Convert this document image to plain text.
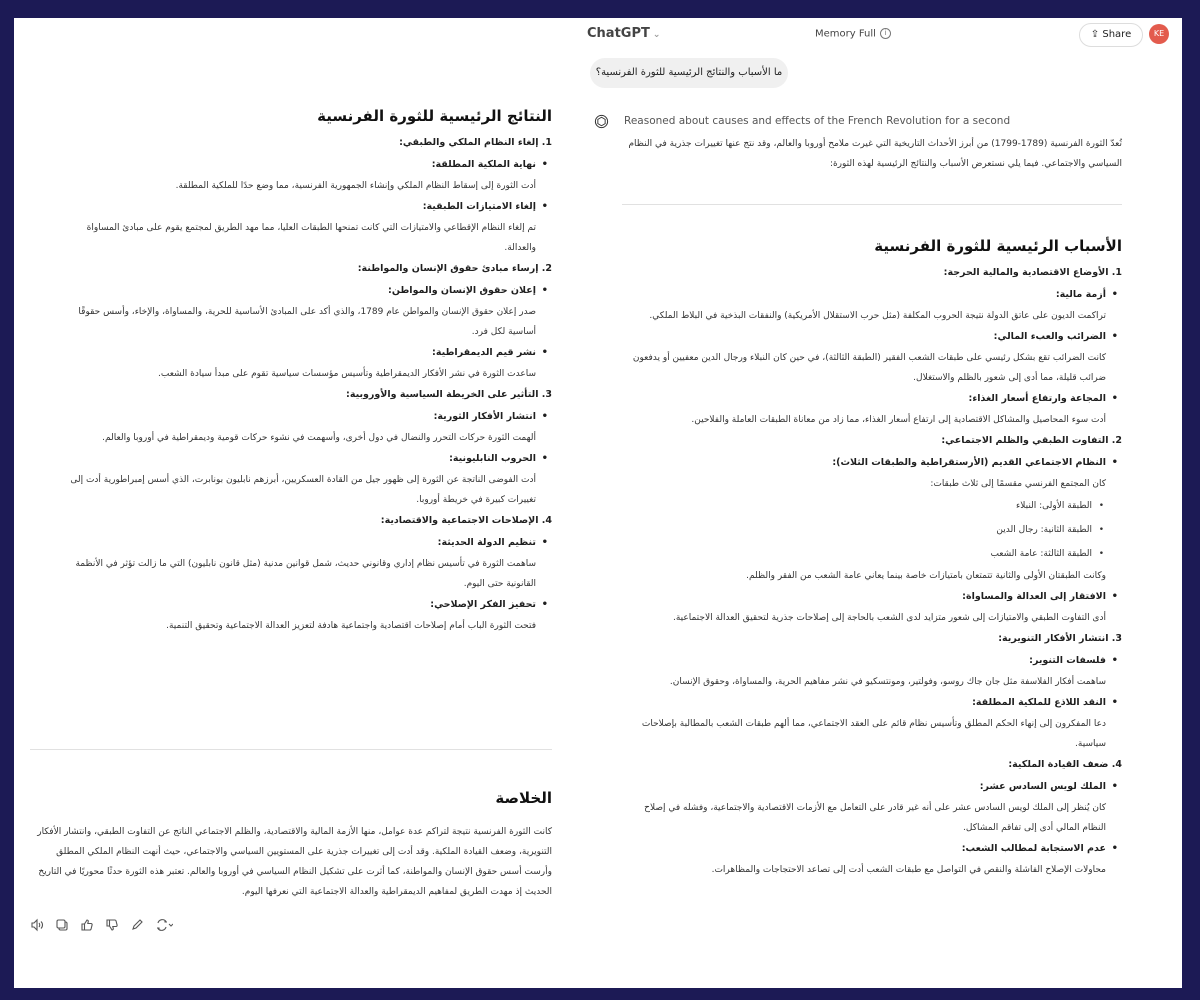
النتائج الرئيسية للثورة الفرنسية
1. إلغاء النظام الملكي والطبقي:
• نهاية الملكية المطلقة:
أدت الثورة إلى إسقاط النظام الملكي وإنشاء الجمهورية الفرنسية، مما وضع حدًا للملكية المطلقة.
• إلغاء الامتيازات الطبقية:
تم إلغاء النظام الإقطاعي والامتيازات التي كانت تمنحها الطبقات العليا، مما مهد الطريق لمجتمع يقوم على مبادئ المساواة والعدالة.
2. إرساء مبادئ حقوق الإنسان والمواطنة:
• إعلان حقوق الإنسان والمواطن:
صدر إعلان حقوق الإنسان والمواطن عام 1789، والذي أكد على المبادئ الأساسية للحرية، والمساواة، والإخاء، وأسس حقوقًا أساسية لكل فرد.
• نشر قيم الديمقراطية:
ساعدت الثورة في نشر الأفكار الديمقراطية وتأسيس مؤسسات سياسية تقوم على مبدأ سيادة الشعب.
3. التأثير على الخريطة السياسية والأوروبية:
• انتشار الأفكار الثورية:
ألهمت الثورة حركات التحرر والنضال في دول أخرى، وأسهمت في نشوء حركات قومية وديمقراطية في أوروبا والعالم.
• الحروب النابليونية:
أدت الفوضى الناتجة عن الثورة إلى ظهور جيل من القادة العسكريين، أبرزهم نابليون بونابرت، الذي أسس إمبراطورية أدت إلى تغييرات كبيرة في خريطة أوروبا.
4. الإصلاحات الاجتماعية والاقتصادية:
• تنظيم الدولة الحديثة:
ساهمت الثورة في تأسيس نظام إداري وقانوني حديث، شمل قوانين مدنية (مثل قانون نابليون) التي ما زالت تؤثر في الأنظمة القانونية حتى اليوم.
• تحفيز الفكر الإصلاحي:
فتحت الثورة الباب أمام إصلاحات اقتصادية واجتماعية هادفة لتعزيز العدالة الاجتماعية وتحقيق التنمية.
الخلاصة
كانت الثورة الفرنسية نتيجة لتراكم عدة عوامل، منها الأزمة المالية والاقتصادية، والظلم الاجتماعي الناتج عن التفاوت الطبقي، وانتشار الأفكار التنويرية، وضعف القيادة الملكية. وقد أدت إلى تغييرات جذرية على المستويين السياسي والاجتماعي، حيث أنهت النظام الملكي المطلق وأرست أسس حقوق الإنسان والمواطنة، كما أثرت على تشكيل النظام السياسي في أوروبا والعالم. تعتبر هذه الثورة حدثًا محوريًا في التاريخ الحديث إذ مهدت الطريق لمفاهيم الديمقراطية والعدالة الاجتماعية التي نعرفها اليوم.

ChatGPT ⌄	Memory Full i	⇪ Share	KE
ما الأسباب والنتائج الرئيسية للثورة الفرنسية؟
Reasoned about causes and effects of the French Revolution for a second
تُعدّ الثورة الفرنسية (1789-1799) من أبرز الأحداث التاريخية التي غيرت ملامح أوروبا والعالم، وقد نتج عنها تغييرات جذرية في النظام السياسي والاجتماعي. فيما يلي نستعرض الأسباب والنتائج الرئيسية لهذه الثورة:
الأسباب الرئيسية للثورة الفرنسية
1. الأوضاع الاقتصادية والمالية الحرجة:
• أزمة مالية:
تراكمت الديون على عاتق الدولة نتيجة الحروب المكلفة (مثل حرب الاستقلال الأمريكية) والنفقات البذخية في البلاط الملكي.
• الضرائب والعبء المالي:
كانت الضرائب تقع بشكل رئيسي على طبقات الشعب الفقير (الطبقة الثالثة)، في حين كان النبلاء ورجال الدين معفيين أو يدفعون ضرائب قليلة، مما أدى إلى شعور بالظلم والاستغلال.
• المجاعة وارتفاع أسعار الغذاء:
أدت سوء المحاصيل والمشاكل الاقتصادية إلى ارتفاع أسعار الغذاء، مما زاد من معاناة الطبقات العاملة والفلاحين.
2. التفاوت الطبقي والظلم الاجتماعي:
• النظام الاجتماعي القديم (الأرستقراطية والطبقات الثلاث):
كان المجتمع الفرنسي مقسمًا إلى ثلاث طبقات:
• الطبقة الأولى: النبلاء
• الطبقة الثانية: رجال الدين
• الطبقة الثالثة: عامة الشعب
وكانت الطبقتان الأولى والثانية تتمتعان بامتيازات خاصة بينما يعاني عامة الشعب من الفقر والظلم.
• الافتقار إلى العدالة والمساواة:
أدى التفاوت الطبقي والامتيازات إلى شعور متزايد لدى الشعب بالحاجة إلى إصلاحات جذرية لتحقيق العدالة الاجتماعية.
3. انتشار الأفكار التنويرية:
• فلسفات التنوير:
ساهمت أفكار الفلاسفة مثل جان جاك روسو، وفولتير، ومونتسكيو في نشر مفاهيم الحرية، والمساواة، وحقوق الإنسان.
• النقد اللاذع للملكية المطلقة:
دعا المفكرون إلى إنهاء الحكم المطلق وتأسيس نظام قائم على العقد الاجتماعي، مما ألهم طبقات الشعب بالمطالبة بإصلاحات سياسية.
4. ضعف القيادة الملكية:
• الملك لويس السادس عشر:
كان يُنظر إلى الملك لويس السادس عشر على أنه غير قادر على التعامل مع الأزمات الاقتصادية والاجتماعية، وفشله في إصلاح النظام المالي أدى إلى تفاقم المشاكل.
• عدم الاستجابة لمطالب الشعب:
محاولات الإصلاح الفاشلة والنقص في التواصل مع طبقات الشعب أدت إلى تصاعد الاحتجاجات والمظاهرات.
